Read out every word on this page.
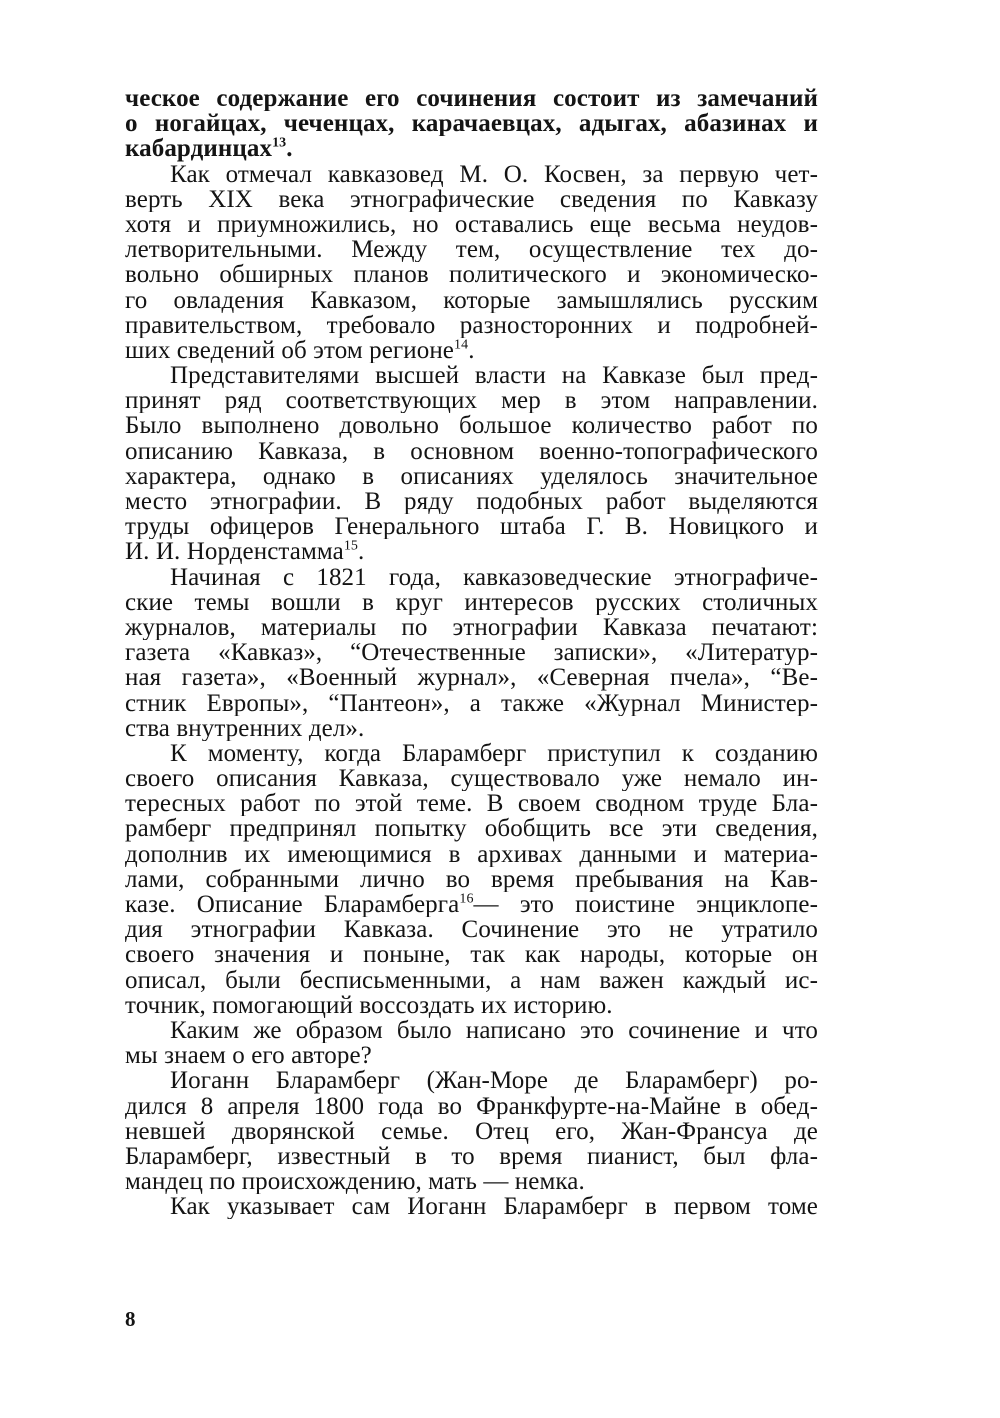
ческое содержание его сочинения состоит из замечаний
о ногайцах, чеченцах, карачаевцах, адыгах, абазинах и
кабардинцах$^{13}$.
Как отмечал кавказовед М. О. Косвен, за первую чет-
верть XIX века этнографические сведения по Кавказу
хотя и приумножились, но оставались еще весьма неудов-
летворительными. Между тем, осуществление тех до-
вольно обширных планов политического и экономическо-
го овладения Кавказом, которые замышлялись русским
правительством, требовало разносторонних и подробней-
ших сведений об этом регионе$^{14}$.
Представителями высшей власти на Кавказе был пред-
принят ряд соответствующих мер в этом направлении.
Было выполнено довольно большое количество работ по
описанию Кавказа, в основном военно-топографического
характера, однако в описаниях уделялось значительное
место этнографии. В ряду подобных работ выделяются
труды офицеров Генерального штаба Г. В. Новицкого и
И. И. Норденстамма$^{15}$.
Начиная с 1821 года, кавказоведческие этнографиче-
ские темы вошли в круг интересов русских столичных
журналов, материалы по этнографии Кавказа печатают:
газета «Кавказ», “Отечественные записки», «Литератур-
ная газета», «Военный журнал», «Северная пчела», “Ве-
стник Европы», “Пантеон», а также «Журнал Министер-
ства внутренних дел».
К моменту, когда Бларамберг приступил к созданию
своего описания Кавказа, существовало уже немало ин-
тересных работ по этой теме. В своем сводном труде Бла-
рамберг предпринял попытку обобщить все эти сведения,
дополнив их имеющимися в архивах данными и материа-
лами, собранными лично во время пребывания на Кав-
казе. Описание Бларамберга$^{16}$— это поистине энциклопе-
дия этнографии Кавказа. Сочинение это не утратило
своего значения и поныне, так как народы, которые он
описал, были бесписьменными, а нам важен каждый ис-
точник, помогающий воссоздать их историю.
Каким же образом было написано это сочинение и что
мы знаем о его авторе?
Иоганн Бларамберг (Жан-Море де Бларамберг) ро-
дился 8 апреля 1800 года во Франкфурте-на-Майне в обед-
невшей дворянской семье. Отец его, Жан-Франсуа де
Бларамберг, известный в то время пианист, был фла-
мандец по происхождению, мать — немка.
Как указывает сам Иоганн Бларамберг в первом томе
8
